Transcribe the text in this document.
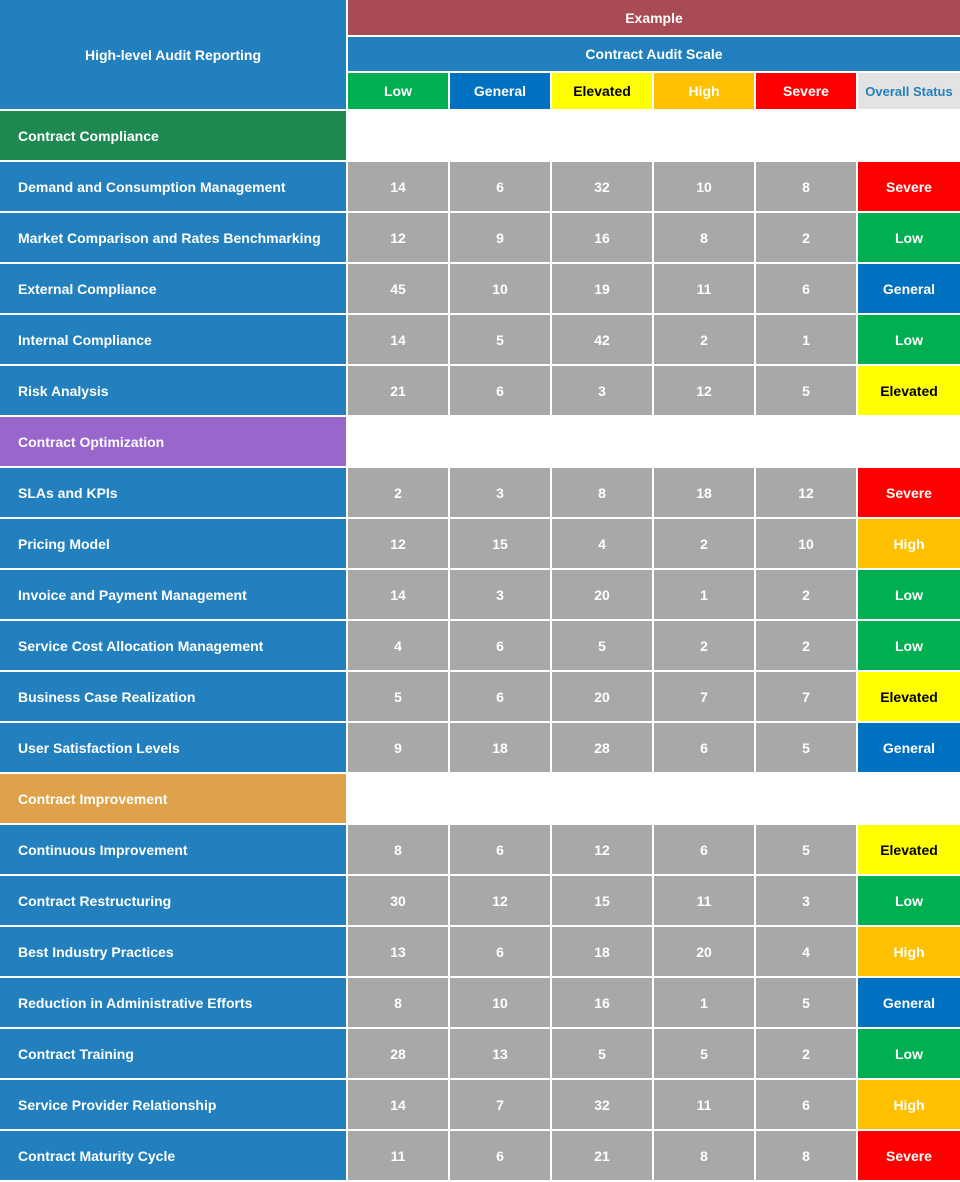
High-level Audit Reporting
Example
Contract Audit Scale
Low	General	Elevated	High	Severe	Overall Status
Contract Compliance
Demand and Consumption Management	14	6	32	10	8	Severe
Market Comparison and Rates Benchmarking	12	9	16	8	2	Low
External Compliance	45	10	19	11	6	General
Internal Compliance	14	5	42	2	1	Low
Risk Analysis	21	6	3	12	5	Elevated
Contract Optimization
SLAs and KPIs	2	3	8	18	12	Severe
Pricing Model	12	15	4	2	10	High
Invoice and Payment Management	14	3	20	1	2	Low
Service Cost Allocation Management	4	6	5	2	2	Low
Business Case Realization	5	6	20	7	7	Elevated
User Satisfaction Levels	9	18	28	6	5	General
Contract Improvement
Continuous Improvement	8	6	12	6	5	Elevated
Contract Restructuring	30	12	15	11	3	Low
Best Industry Practices	13	6	18	20	4	High
Reduction in Administrative Efforts	8	10	16	1	5	General
Contract Training	28	13	5	5	2	Low
Service Provider Relationship	14	7	32	11	6	High
Contract Maturity Cycle	11	6	21	8	8	Severe
